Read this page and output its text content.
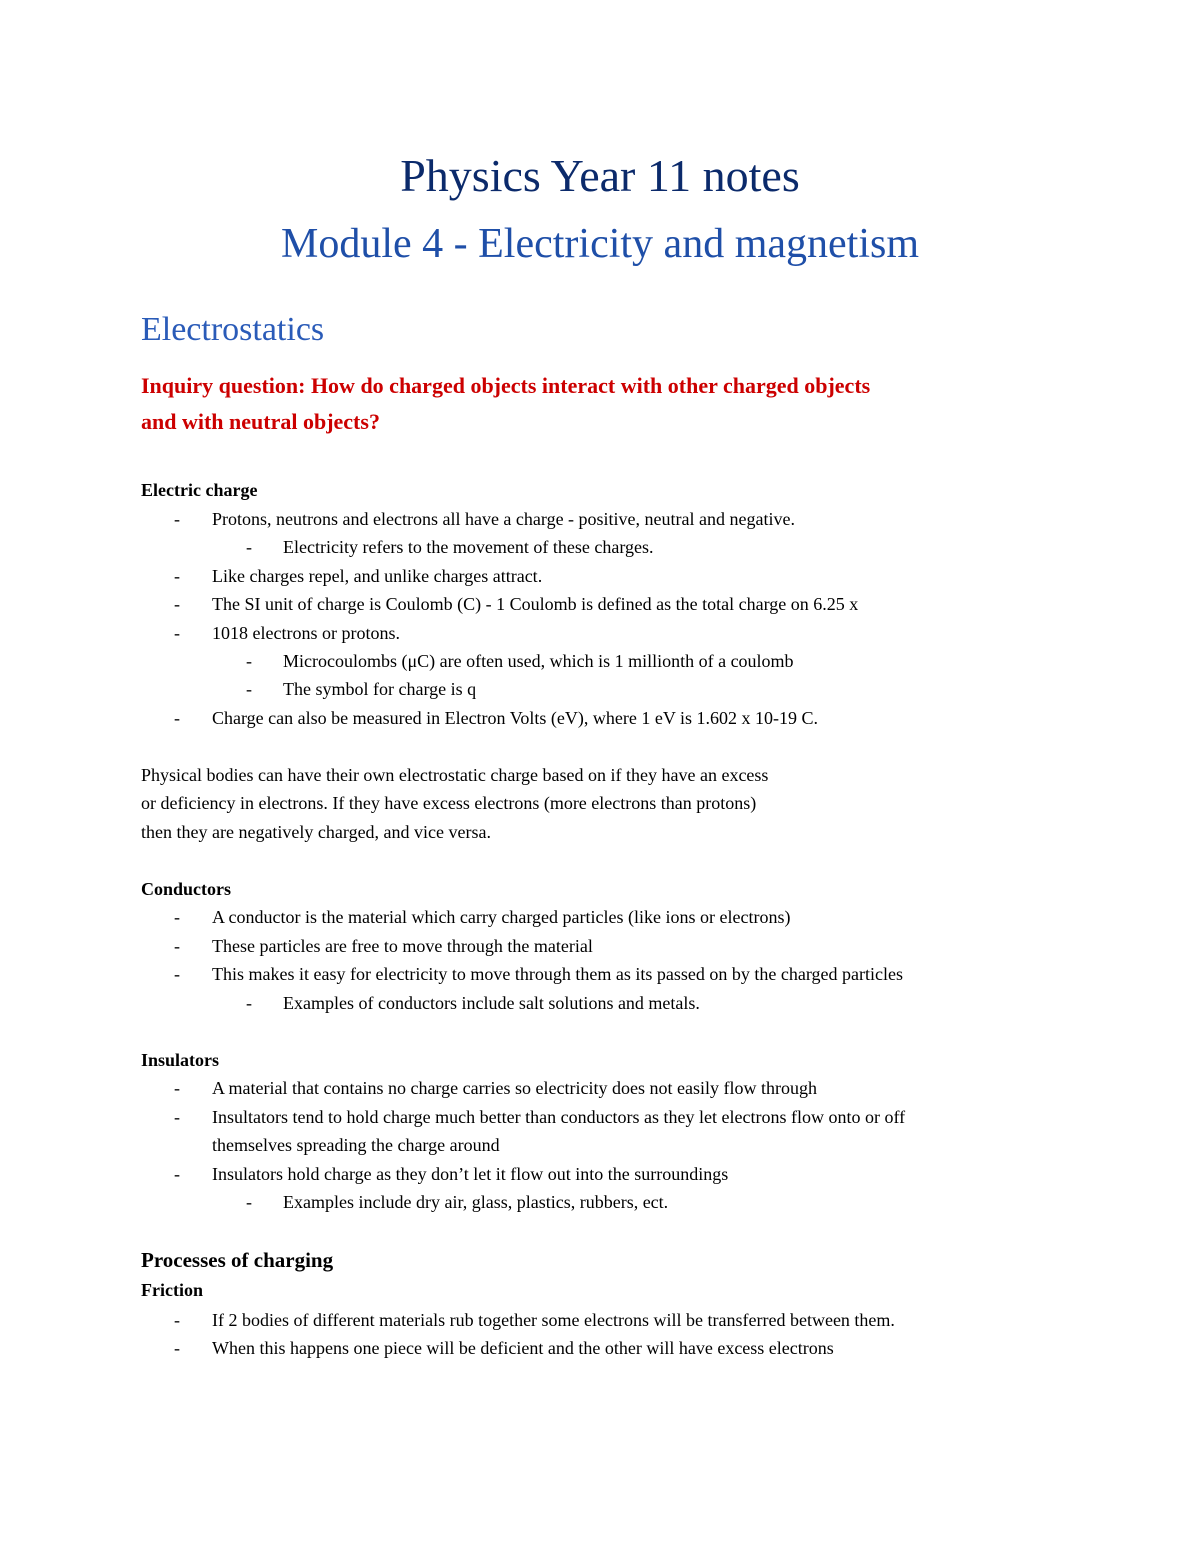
Physics Year 11 notes
Module 4 - Electricity and magnetism
Electrostatics
Inquiry question: How do charged objects interact with other charged objects
and with neutral objects?
Electric charge
- Protons, neutrons and electrons all have a charge - positive, neutral and negative.
- Electricity refers to the movement of these charges.
- Like charges repel, and unlike charges attract.
- The SI unit of charge is Coulomb (C) - 1 Coulomb is defined as the total charge on 6.25 x
- 1018 electrons or protons.
- Microcoulombs (μC) are often used, which is 1 millionth of a coulomb
- The symbol for charge is q
- Charge can also be measured in Electron Volts (eV), where 1 eV is 1.602 x 10-19 C.
Physical bodies can have their own electrostatic charge based on if they have an excess
or deficiency in electrons. If they have excess electrons (more electrons than protons)
then they are negatively charged, and vice versa.
Conductors
- A conductor is the material which carry charged particles (like ions or electrons)
- These particles are free to move through the material
- This makes it easy for electricity to move through them as its passed on by the charged particles
- Examples of conductors include salt solutions and metals.
Insulators
- A material that contains no charge carries so electricity does not easily flow through
- Insultators tend to hold charge much better than conductors as they let electrons flow onto or off
themselves spreading the charge around
- Insulators hold charge as they don’t let it flow out into the surroundings
- Examples include dry air, glass, plastics, rubbers, ect.
Processes of charging
Friction
- If 2 bodies of different materials rub together some electrons will be transferred between them.
- When this happens one piece will be deficient and the other will have excess electrons
